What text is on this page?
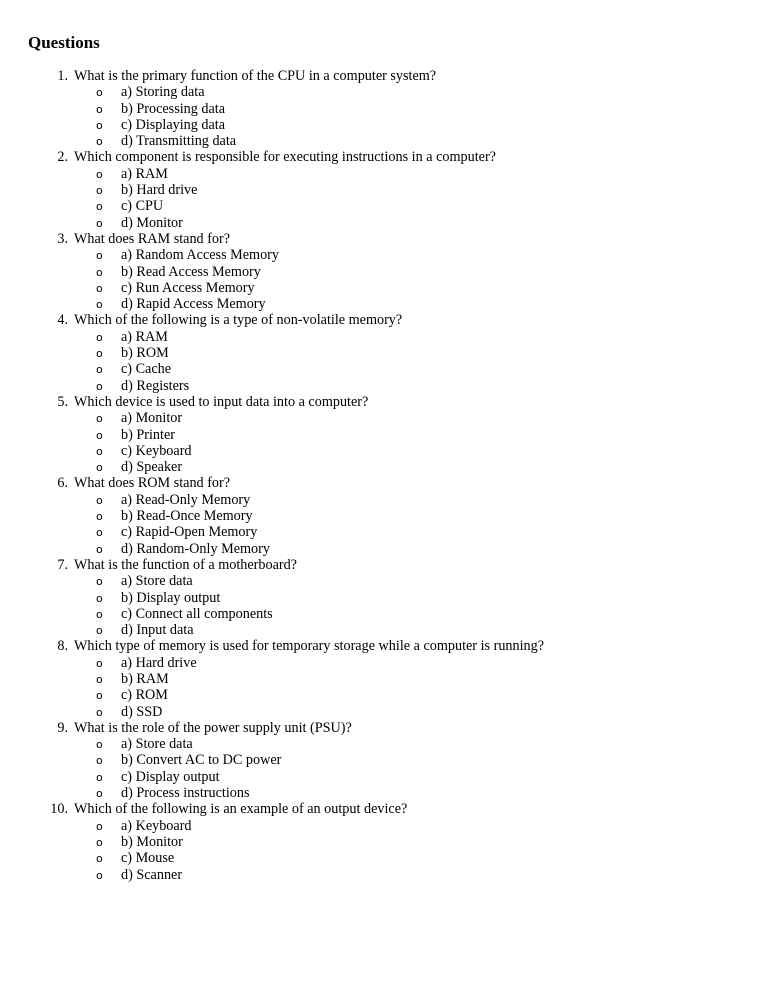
Questions
1. What is the primary function of the CPU in a computer system?
o a) Storing data
o b) Processing data
o c) Displaying data
o d) Transmitting data
2. Which component is responsible for executing instructions in a computer?
o a) RAM
o b) Hard drive
o c) CPU
o d) Monitor
3. What does RAM stand for?
o a) Random Access Memory
o b) Read Access Memory
o c) Run Access Memory
o d) Rapid Access Memory
4. Which of the following is a type of non-volatile memory?
o a) RAM
o b) ROM
o c) Cache
o d) Registers
5. Which device is used to input data into a computer?
o a) Monitor
o b) Printer
o c) Keyboard
o d) Speaker
6. What does ROM stand for?
o a) Read-Only Memory
o b) Read-Once Memory
o c) Rapid-Open Memory
o d) Random-Only Memory
7. What is the function of a motherboard?
o a) Store data
o b) Display output
o c) Connect all components
o d) Input data
8. Which type of memory is used for temporary storage while a computer is running?
o a) Hard drive
o b) RAM
o c) ROM
o d) SSD
9. What is the role of the power supply unit (PSU)?
o a) Store data
o b) Convert AC to DC power
o c) Display output
o d) Process instructions
10. Which of the following is an example of an output device?
o a) Keyboard
o b) Monitor
o c) Mouse
o d) Scanner
